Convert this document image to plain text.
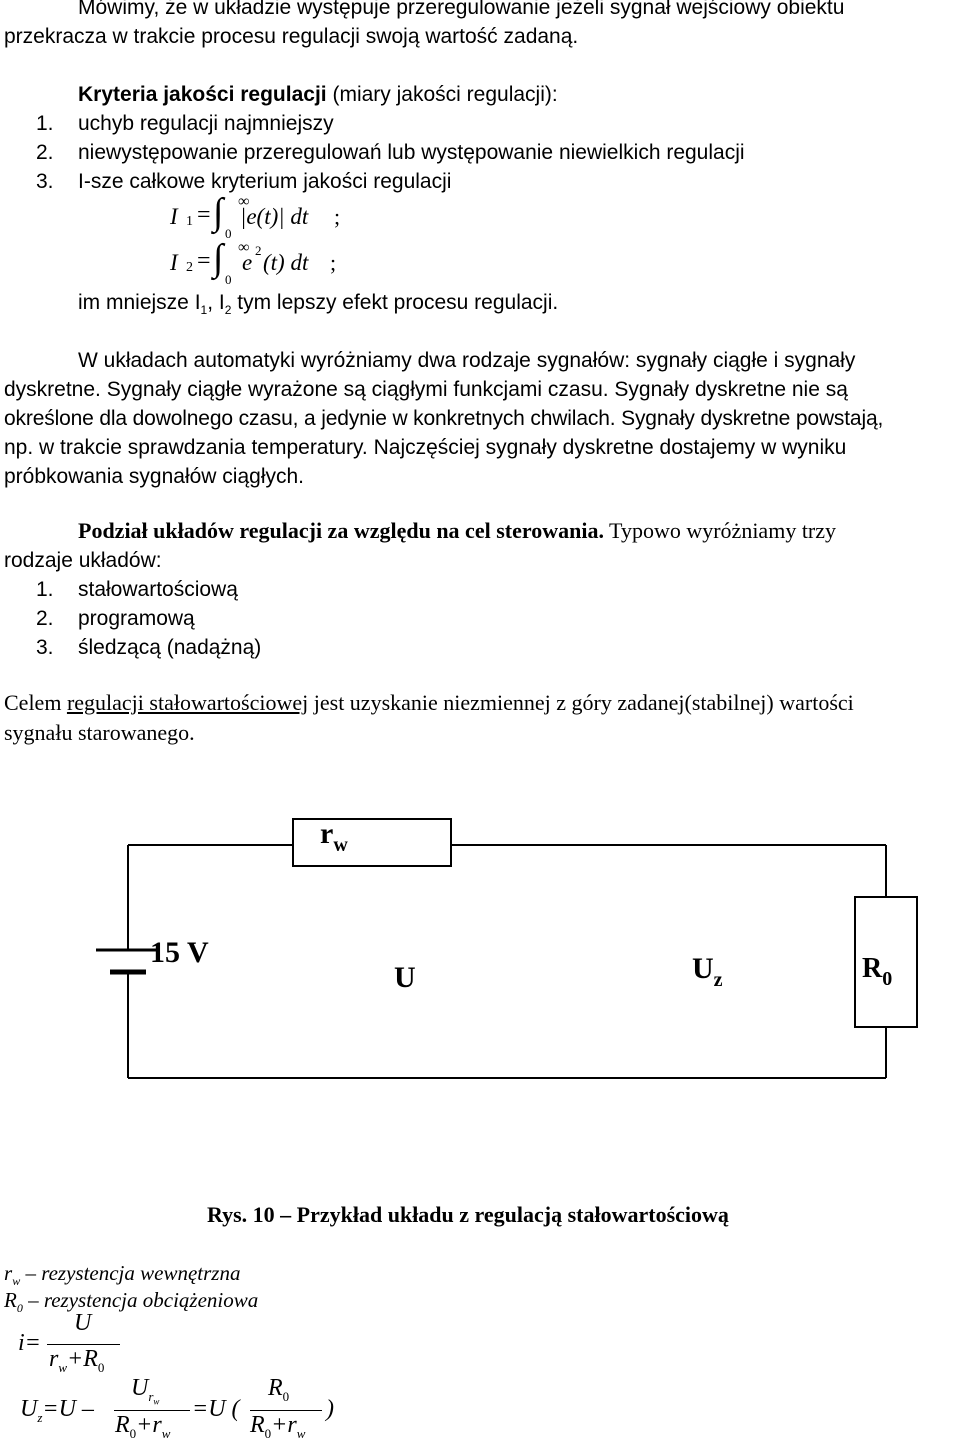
Mówimy, że w układzie występuje przeregulowanie jeżeli sygnał wejściowy obiektu
przekracza w trakcie procesu regulacji swoją wartość zadaną.
Kryteria jakości regulacji (miary jakości regulacji):
1. uchyb regulacji najmniejszy
2. niewystępowanie przeregulowań lub występowanie niewielkich regulacji
3. I-sze całkowe kryterium jakości regulacji
I 1 = ∫ ∞
0
|e(t)| dt ;
I 2 = ∫ ∞
0
e 2 (t) dt ;
im mniejsze $I_1$, $I_2$ tym lepszy efekt procesu regulacji.
W układach automatyki wyróżniamy dwa rodzaje sygnałów: sygnały ciągłe i sygnały
dyskretne. Sygnały ciągłe wyrażone są ciągłymi funkcjami czasu. Sygnały dyskretne nie są
określone dla dowolnego czasu, a jedynie w konkretnych chwilach. Sygnały dyskretne powstają,
np. w trakcie sprawdzania temperatury. Najczęściej sygnały dyskretne dostajemy w wyniku
próbkowania sygnałów ciągłych.
Podział układów regulacji za względu na cel sterowania. Typowo wyróżniamy trzy
rodzaje układów:
1. stałowartościową
2. programową
3. śledzącą (nadążną)
Celem regulacji stałowartościowej jest uzyskanie niezmiennej z góry zadanej(stabilnej) wartości
sygnału starowanego.
$r_w$
15 V
U	$U_z$	$R_0$
Rys. 10 – Przykład układu z regulacją stałowartościową
$r_w$ – rezystencja wewnętrzna
$R_0$ – rezystencja obciążeniowa
i=
U
$r_w+R_0$
$U_z=U$ –
$U_{r_w}$
$R_0+r_w$
=U (
$R_0$
$R_0+r_w$
)
